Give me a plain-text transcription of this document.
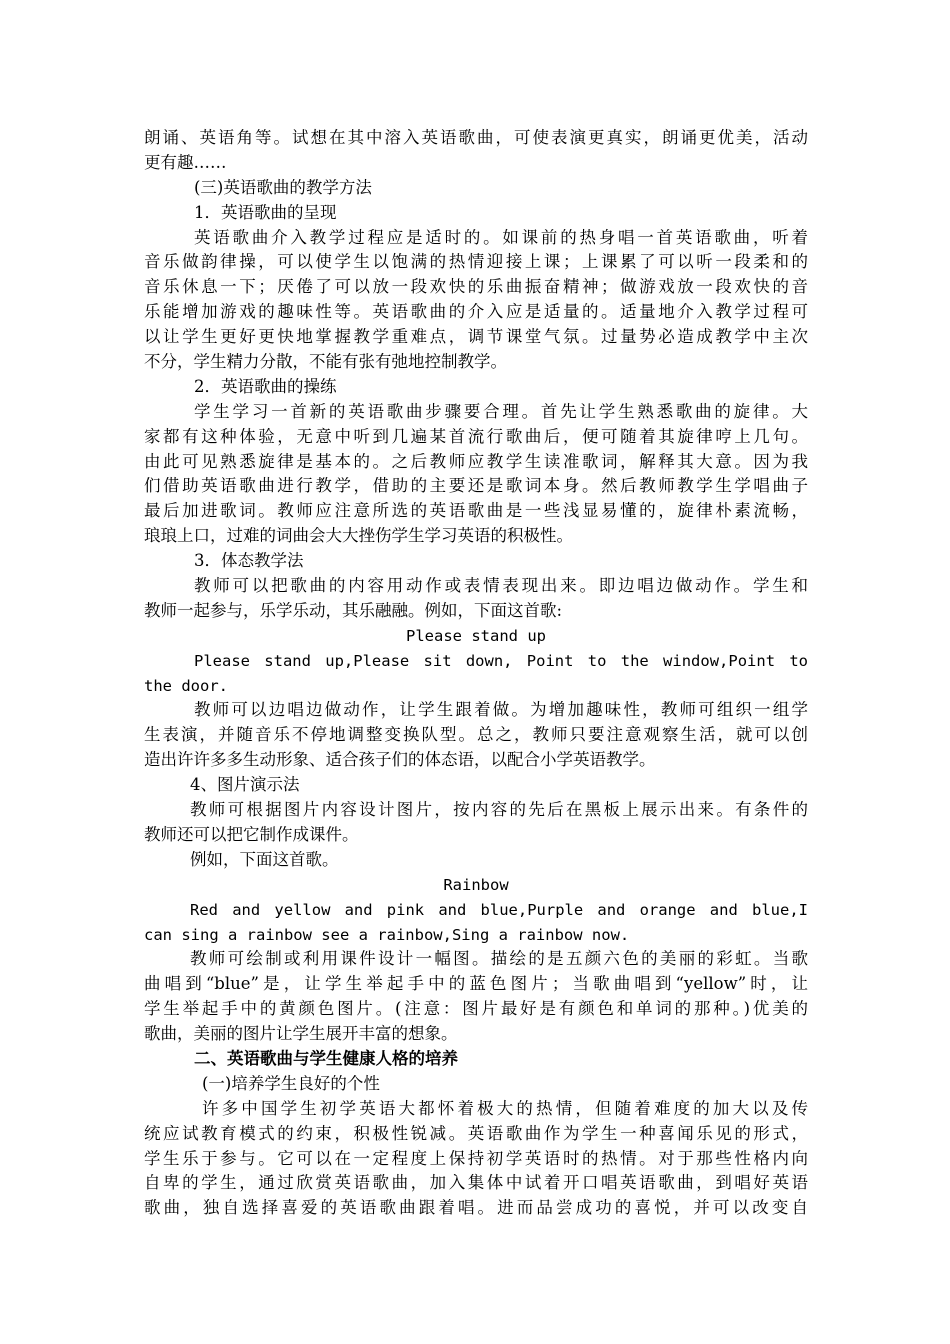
朗诵、英语角等。试想在其中溶入英语歌曲，可使表演更真实，朗诵更优美，活动
更有趣……
(三)英语歌曲的教学方法
1．英语歌曲的呈现
英语歌曲介入教学过程应是适时的。如课前的热身唱一首英语歌曲，听着
音乐做韵律操，可以使学生以饱满的热情迎接上课；上课累了可以听一段柔和的
音乐休息一下；厌倦了可以放一段欢快的乐曲振奋精神；做游戏放一段欢快的音
乐能增加游戏的趣味性等。英语歌曲的介入应是适量的。适量地介入教学过程可
以让学生更好更快地掌握教学重难点，调节课堂气氛。过量势必造成教学中主次
不分，学生精力分散，不能有张有弛地控制教学。
2．英语歌曲的操练
学生学习一首新的英语歌曲步骤要合理。首先让学生熟悉歌曲的旋律。大
家都有这种体验，无意中听到几遍某首流行歌曲后，便可随着其旋律哼上几句。
由此可见熟悉旋律是基本的。之后教师应教学生读准歌词，解释其大意。因为我
们借助英语歌曲进行教学，借助的主要还是歌词本身。然后教师教学生学唱曲子
最后加进歌词。教师应注意所选的英语歌曲是一些浅显易懂的，旋律朴素流畅，
琅琅上口，过难的词曲会大大挫伤学生学习英语的积极性。
3．体态教学法
教师可以把歌曲的内容用动作或表情表现出来。即边唱边做动作。学生和
教师一起参与，乐学乐动，其乐融融。例如，下面这首歌:
Please stand up
Please stand up,Please sit down, Point to the window,Point to
the door.
教师可以边唱边做动作，让学生跟着做。为增加趣味性，教师可组织一组学
生表演，并随音乐不停地调整变换队型。总之，教师只要注意观察生活，就可以创
造出许许多多生动形象、适合孩子们的体态语，以配合小学英语教学。
4、图片演示法
教师可根据图片内容设计图片，按内容的先后在黑板上展示出来。有条件的
教师还可以把它制作成课件。
例如，下面这首歌。
Rainbow
Red and yellow and pink and blue,Purple and orange and blue,I
can sing a rainbow see a rainbow,Sing a rainbow now.
教师可绘制或利用课件设计一幅图。描绘的是五颜六色的美丽的彩虹。当歌
曲唱到“blue”是，让学生举起手中的蓝色图片；当歌曲唱到“yellow”时，让
学生举起手中的黄颜色图片。(注意：图片最好是有颜色和单词的那种。)优美的
歌曲，美丽的图片让学生展开丰富的想象。
二、英语歌曲与学生健康人格的培养
(一)培养学生良好的个性
许多中国学生初学英语大都怀着极大的热情，但随着难度的加大以及传
统应试教育模式的约束，积极性锐减。英语歌曲作为学生一种喜闻乐见的形式，
学生乐于参与。它可以在一定程度上保持初学英语时的热情。对于那些性格内向
自卑的学生，通过欣赏英语歌曲，加入集体中试着开口唱英语歌曲，到唱好英语
歌曲，独自选择喜爱的英语歌曲跟着唱。进而品尝成功的喜悦，并可以改变自
